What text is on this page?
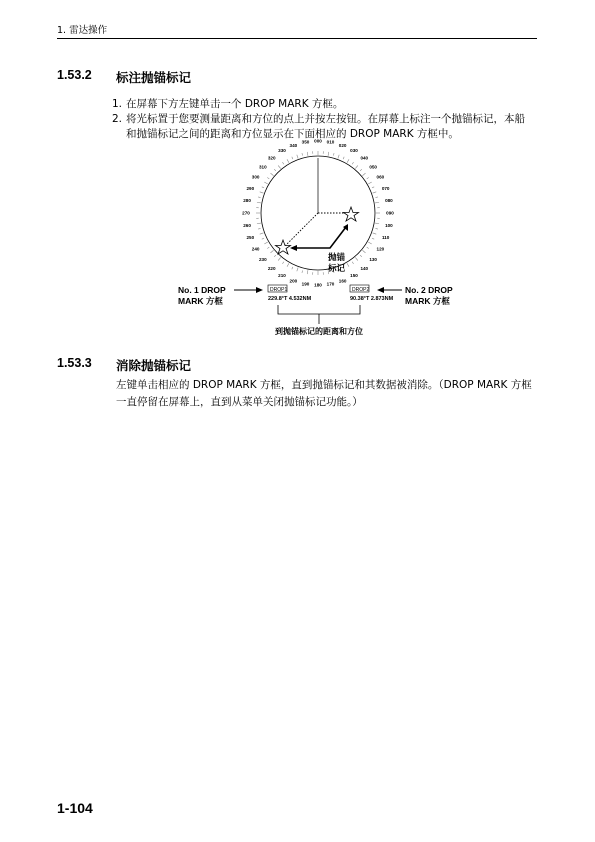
1. 雷达操作
1.53.2 标注抛锚标记
1. 在屏幕下方左键单击一个 DROP MARK 方框。
2. 将光标置于您要测量距离和方位的点上并按左按钮。在屏幕上标注一个抛锚标记，本船和抛锚标记之间的距离和方位显示在下面相应的 DROP MARK 方框中。
000 010
020
030
040
050
060
070
080
090
100
110
120
130
140
150
160
170
180
190
200
210
220
230
240
250
260
270
280
290
300
310
320
330
340
350
抛锚
标记
No. 1 DROP
MARK 方框
DROP1
229.8°T 4.532NM
DROP2
90.38°T 2.873NM
No. 2 DROP
MARK 方框
到抛锚标记的距离和方位
1.53.3 消除抛锚标记
左键单击相应的 DROP MARK 方框，直到抛锚标记和其数据被消除。（DROP MARK 方框一直停留在屏幕上，直到从菜单关闭抛锚标记功能。）
1-104
